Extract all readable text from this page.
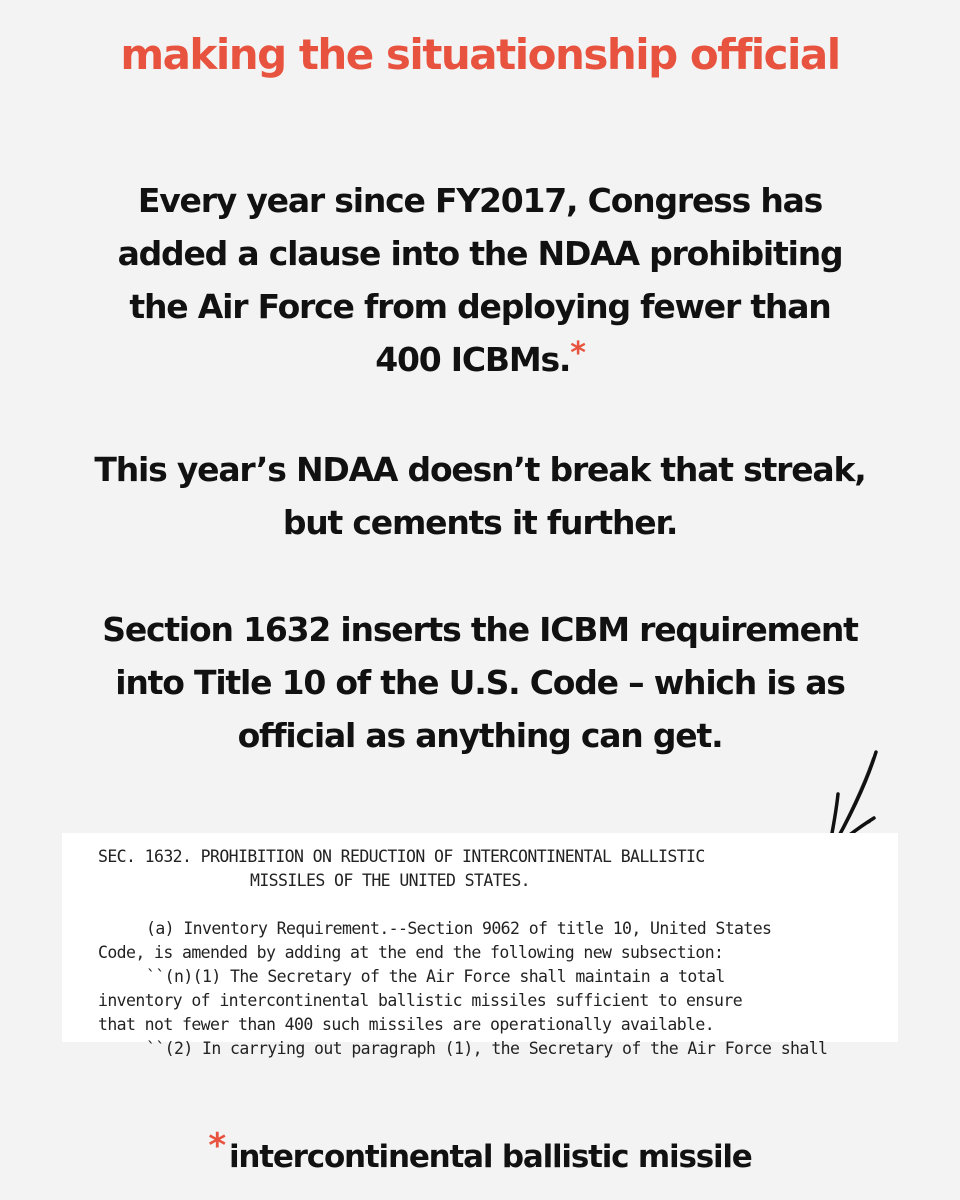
making the situationship official
Every year since FY2017, Congress has
added a clause into the NDAA prohibiting
the Air Force from deploying fewer than
400 ICBMs.*
This year’s NDAA doesn’t break that streak,
but cements it further.
Section 1632 inserts the ICBM requirement
into Title 10 of the U.S. Code – which is as
official as anything can get.
SEC. 1632. PROHIBITION ON REDUCTION OF INTERCONTINENTAL BALLISTIC
MISSILES OF THE UNITED STATES.
(a) Inventory Requirement.--Section 9062 of title 10, United States
Code, is amended by adding at the end the following new subsection:
``(n)(1) The Secretary of the Air Force shall maintain a total
inventory of intercontinental ballistic missiles sufficient to ensure
that not fewer than 400 such missiles are operationally available.
``(2) In carrying out paragraph (1), the Secretary of the Air Force shall
* intercontinental ballistic missile
